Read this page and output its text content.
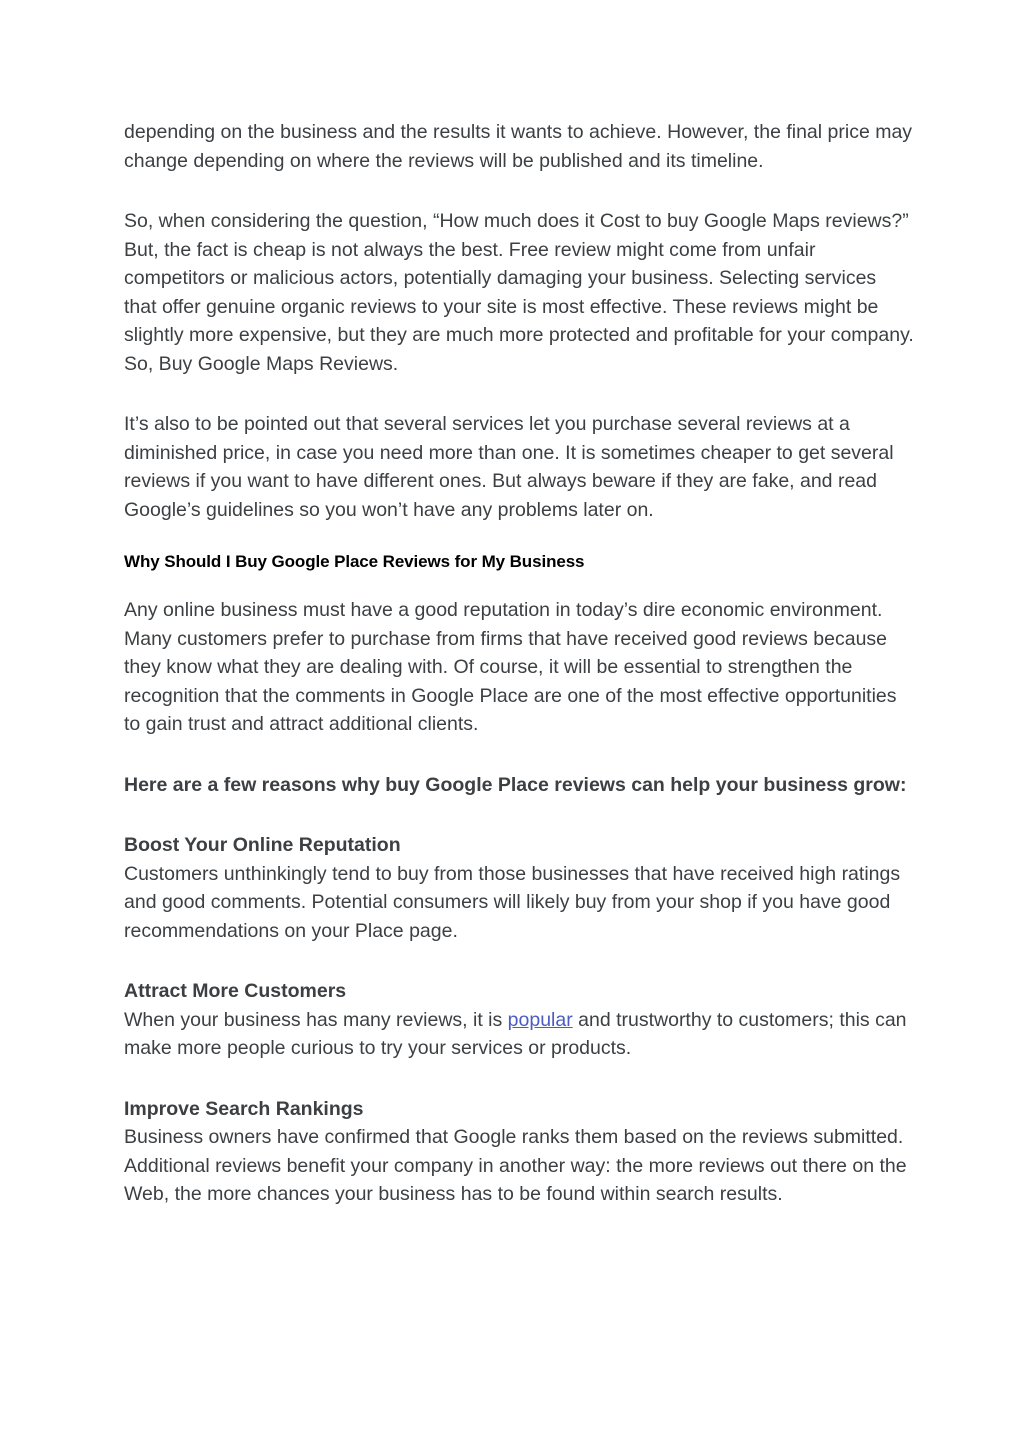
depending on the business and the results it wants to achieve. However, the final price may change depending on where the reviews will be published and its timeline.

So, when considering the question, “How much does it Cost to buy Google Maps reviews?” But, the fact is cheap is not always the best. Free review might come from unfair competitors or malicious actors, potentially damaging your business. Selecting services that offer genuine organic reviews to your site is most effective. These reviews might be slightly more expensive, but they are much more protected and profitable for your company. So, Buy Google Maps Reviews.

It’s also to be pointed out that several services let you purchase several reviews at a diminished price, in case you need more than one. It is sometimes cheaper to get several reviews if you want to have different ones. But always beware if they are fake, and read Google’s guidelines so you won’t have any problems later on.

Why Should I Buy Google Place Reviews for My Business

Any online business must have a good reputation in today’s dire economic environment. Many customers prefer to purchase from firms that have received good reviews because they know what they are dealing with. Of course, it will be essential to strengthen the recognition that the comments in Google Place are one of the most effective opportunities to gain trust and attract additional clients.

Here are a few reasons why buy Google Place reviews can help your business grow:

Boost Your Online Reputation
Customers unthinkingly tend to buy from those businesses that have received high ratings and good comments. Potential consumers will likely buy from your shop if you have good recommendations on your Place page.
Attract More Customers
When your business has many reviews, it is popular and trustworthy to customers; this can make more people curious to try your services or products.
Improve Search Rankings
Business owners have confirmed that Google ranks them based on the reviews submitted. Additional reviews benefit your company in another way: the more reviews out there on the Web, the more chances your business has to be found within search results.
